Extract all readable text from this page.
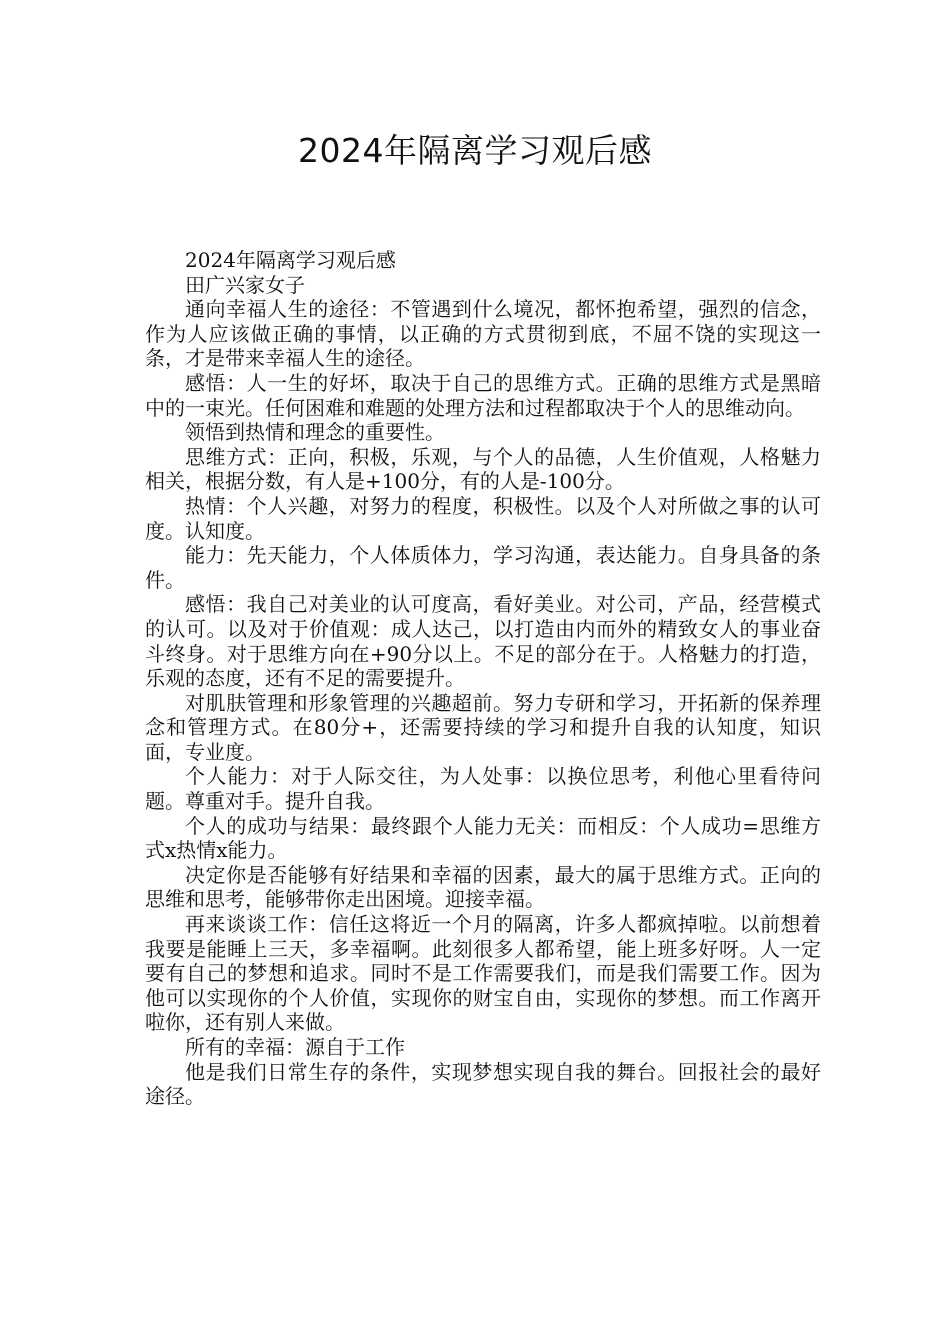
2024年隔离学习观后感

2024年隔离学习观后感

田广兴家女子

通向幸福人生的途径：不管遇到什么境况，都怀抱希望，强烈的信念，作为人应该做正确的事情，以正确的方式贯彻到底，不屈不饶的实现这一条，才是带来幸福人生的途径。

感悟：人一生的好坏，取决于自己的思维方式。正确的思维方式是黑暗中的一束光。任何困难和难题的处理方法和过程都取决于个人的思维动向。

领悟到热情和理念的重要性。

思维方式：正向，积极，乐观，与个人的品德，人生价值观，人格魅力相关，根据分数，有人是+100分，有的人是-100分。

热情：个人兴趣，对努力的程度，积极性。以及个人对所做之事的认可度。认知度。

能力：先天能力，个人体质体力，学习沟通，表达能力。自身具备的条件。

感悟：我自己对美业的认可度高，看好美业。对公司，产品，经营模式的认可。以及对于价值观：成人达己，以打造由内而外的精致女人的事业奋斗终身。对于思维方向在+90分以上。不足的部分在于。人格魅力的打造，乐观的态度，还有不足的需要提升。

对肌肤管理和形象管理的兴趣超前。努力专研和学习，开拓新的保养理念和管理方式。在80分+，还需要持续的学习和提升自我的认知度，知识面，专业度。

个人能力：对于人际交往，为人处事：以换位思考，利他心里看待问题。尊重对手。提升自我。

个人的成功与结果：最终跟个人能力无关：而相反：个人成功=思维方式x热情x能力。

决定你是否能够有好结果和幸福的因素，最大的属于思维方式。正向的思维和思考，能够带你走出困境。迎接幸福。

再来谈谈工作：信任这将近一个月的隔离，许多人都疯掉啦。以前想着我要是能睡上三天，多幸福啊。此刻很多人都希望，能上班多好呀。人一定要有自己的梦想和追求。同时不是工作需要我们，而是我们需要工作。因为他可以实现你的个人价值，实现你的财宝自由，实现你的梦想。而工作离开啦你，还有别人来做。

所有的幸福：源自于工作

他是我们日常生存的条件，实现梦想实现自我的舞台。回报社会的最好途径。
